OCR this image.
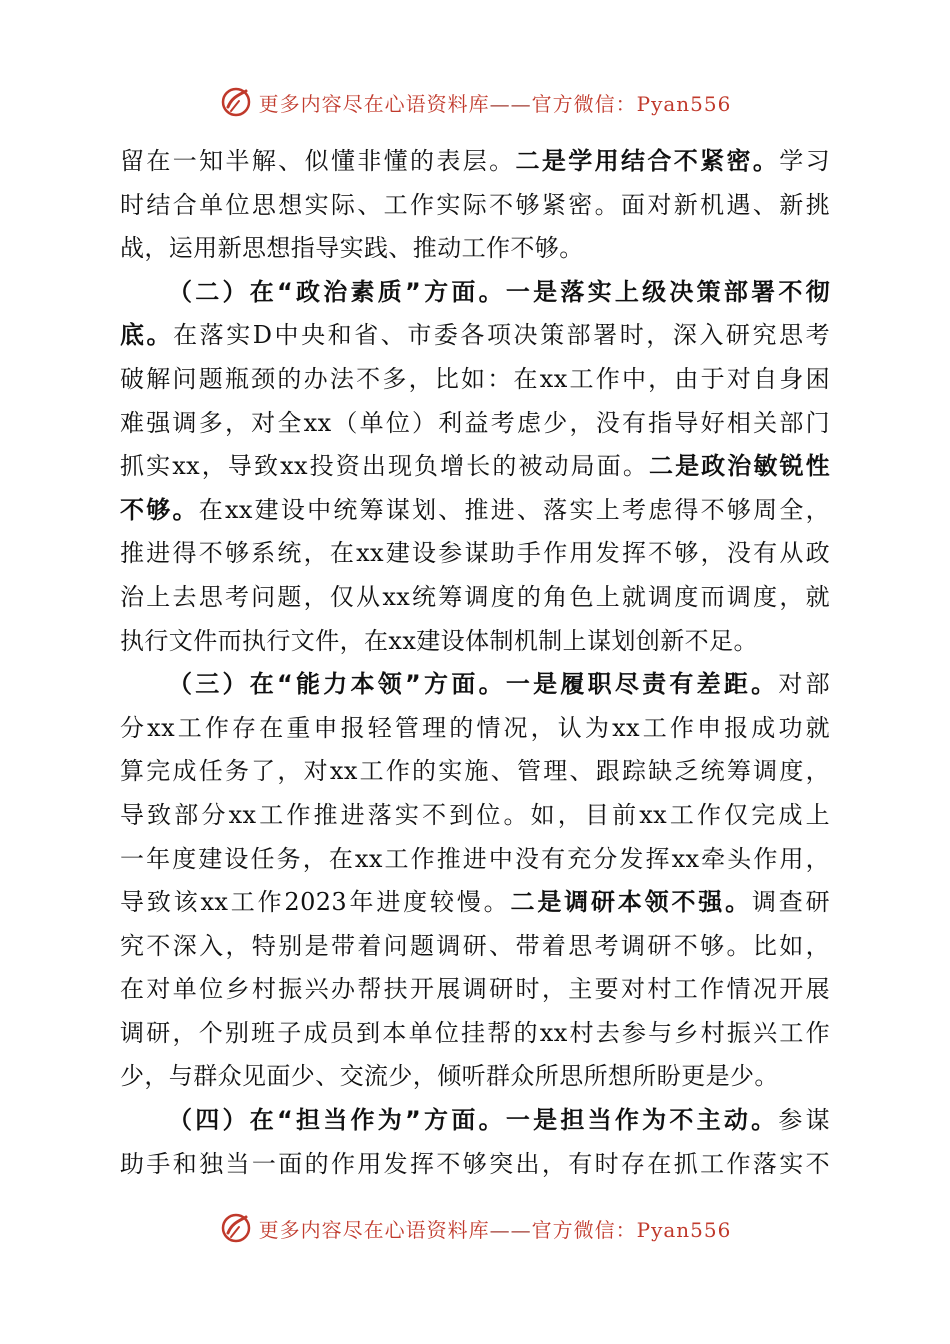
更多内容尽在心语资料库——官方微信：Pyan556
留在一知半解、似懂非懂的表层。二是学用结合不紧密。学习
时结合单位思想实际、工作实际不够紧密。面对新机遇、新挑
战，运用新思想指导实践、推动工作不够。
（二）在“政治素质”方面。一是落实上级决策部署不彻
底。在落实D中央和省、市委各项决策部署时，深入研究思考
破解问题瓶颈的办法不多，比如：在xx工作中，由于对自身困
难强调多，对全xx（单位）利益考虑少，没有指导好相关部门
抓实xx，导致xx投资出现负增长的被动局面。二是政治敏锐性
不够。在xx建设中统筹谋划、推进、落实上考虑得不够周全，
推进得不够系统，在xx建设参谋助手作用发挥不够，没有从政
治上去思考问题，仅从xx统筹调度的角色上就调度而调度，就
执行文件而执行文件，在xx建设体制机制上谋划创新不足。
（三）在“能力本领”方面。一是履职尽责有差距。对部
分xx工作存在重申报轻管理的情况，认为xx工作申报成功就
算完成任务了，对xx工作的实施、管理、跟踪缺乏统筹调度，
导致部分xx工作推进落实不到位。如，目前xx工作仅完成上
一年度建设任务，在xx工作推进中没有充分发挥xx牵头作用，
导致该xx工作2023年进度较慢。二是调研本领不强。调查研
究不深入，特别是带着问题调研、带着思考调研不够。比如，
在对单位乡村振兴办帮扶开展调研时，主要对村工作情况开展
调研，个别班子成员到本单位挂帮的xx村去参与乡村振兴工作
少，与群众见面少、交流少，倾听群众所思所想所盼更是少。
（四）在“担当作为”方面。一是担当作为不主动。参谋
助手和独当一面的作用发挥不够突出，有时存在抓工作落实不
更多内容尽在心语资料库——官方微信：Pyan556
